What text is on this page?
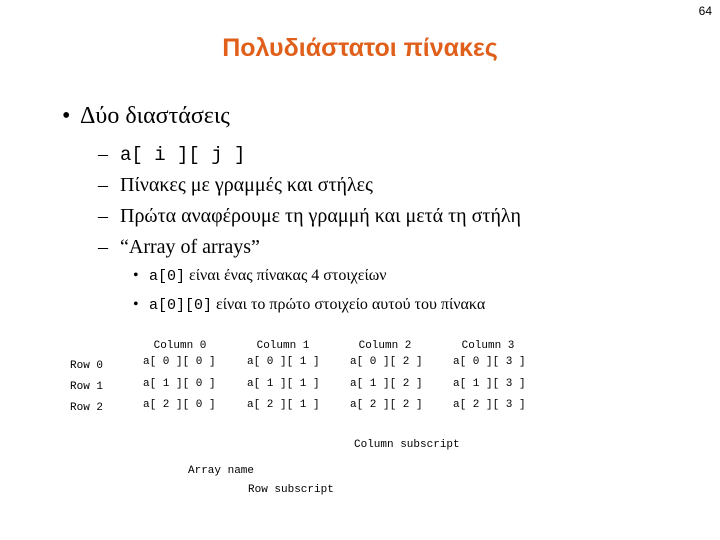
64
Πολυδιάστατοι πίνακες
• Δύο διαστάσεις
– a[ i ][ j ]
– Πίνακες με γραμμές και στήλες
– Πρώτα αναφέρουμε τη γραμμή και μετά τη στήλη
– “Array of arrays”
• a[0] είναι ένας πίνακας 4 στοιχείων
• a[0][0] είναι το πρώτο στοιχείο αυτού του πίνακα
Column 0	Column 1	Column 2	Column 3
Row 0	a[ 0 ][ 0 ]	a[ 0 ][ 1 ]	a[ 0 ][ 2 ]	a[ 0 ][ 3 ]
Row 1	a[ 1 ][ 0 ]	a[ 1 ][ 1 ]	a[ 1 ][ 2 ]	a[ 1 ][ 3 ]
Row 2	a[ 2 ][ 0 ]	a[ 2 ][ 1 ]	a[ 2 ][ 2 ]	a[ 2 ][ 3 ]
Column subscript
Array name
Row subscript
